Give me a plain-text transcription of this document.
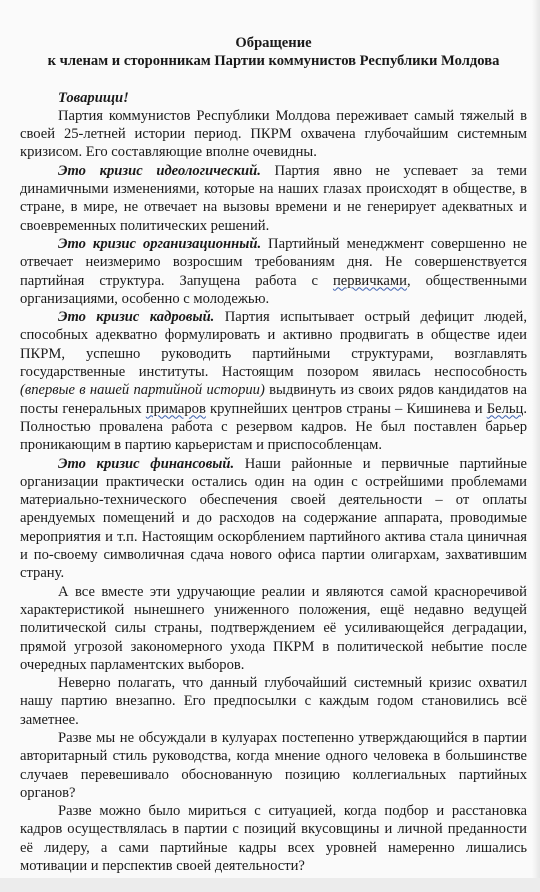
Обращение

к членам и сторонникам Партии коммунистов Республики Молдова

Товарищи!

Партия коммунистов Республики Молдова переживает самый тяжелый в своей 25-летней истории период. ПКРМ охвачена глубочайшим системным кризисом. Его составляющие вполне очевидны.

Это кризис идеологический. Партия явно не успевает за теми динамичными изменениями, которые на наших глазах происходят в обществе, в стране, в мире, не отвечает на вызовы времени и не генерирует адекватных и своевременных политических решений.

Это кризис организационный. Партийный менеджмент совершенно не отвечает неизмеримо возросшим требованиям дня. Не совершенствуется партийная структура. Запущена работа с первичками, общественными организациями, особенно с молодежью.

Это кризис кадровый. Партия испытывает острый дефицит людей, способных адекватно формулировать и активно продвигать в обществе идеи ПКРМ, успешно руководить партийными структурами, возглавлять государственные институты. Настоящим позором явилась неспособность (впервые в нашей партийной истории) выдвинуть из своих рядов кандидатов на посты генеральных примаров крупнейших центров страны – Кишинева и Бельц. Полностью провалена работа с резервом кадров. Не был поставлен барьер проникающим в партию карьеристам и приспособленцам.

Это кризис финансовый. Наши районные и первичные партийные организации практически остались один на один с острейшими проблемами материально-технического обеспечения своей деятельности – от оплаты арендуемых помещений и до расходов на содержание аппарата, проводимые мероприятия и т.п. Настоящим оскорблением партийного актива стала циничная и по-своему символичная сдача нового офиса партии олигархам, захватившим страну.

А все вместе эти удручающие реалии и являются самой красноречивой характеристикой нынешнего униженного положения, ещё недавно ведущей политической силы страны, подтверждением её усиливающейся деградации, прямой угрозой закономерного ухода ПКРМ в политической небытие после очередных парламентских выборов.

Неверно полагать, что данный глубочайший системный кризис охватил нашу партию внезапно. Его предпосылки с каждым годом становились всё заметнее.

Разве мы не обсуждали в кулуарах постепенно утверждающийся в партии авторитарный стиль руководства, когда мнение одного человека в большинстве случаев перевешивало обоснованную позицию коллегиальных партийных органов?

Разве можно было мириться с ситуацией, когда подбор и расстановка кадров осуществлялась в партии с позиций вкусовщины и личной преданности её лидеру, а сами партийные кадры всех уровней намеренно лишались мотивации и перспектив своей деятельности?
